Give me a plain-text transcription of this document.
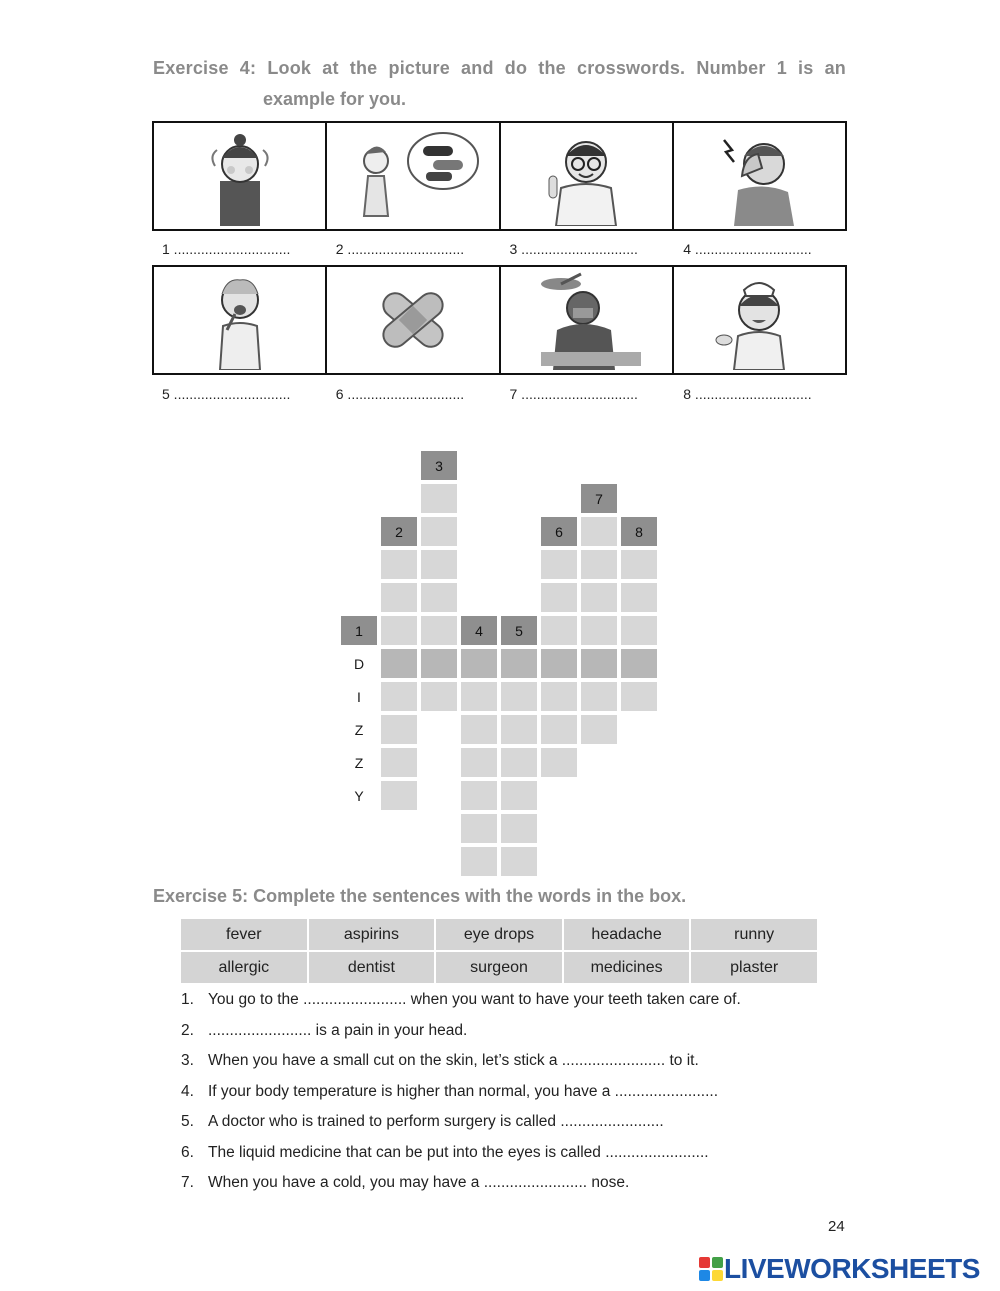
Exercise 4: Look at the picture and do the crosswords. Number 1 is an
example for you.
1 ..............................	2 ..............................	3 ..............................	4 ..............................
5 ..............................	6 ..............................	7 ..............................	8 ..............................
3
7
2	6	8
1	4	5
D
I
Z
Z
Y
Exercise 5: Complete the sentences with the words in the box.
fever	aspirins	eye drops	headache	runny
allergic	dentist	surgeon	medicines	plaster
1. You go to the ........................ when you want to have your teeth taken care of.
2. ........................ is a pain in your head.
3. When you have a small cut on the skin, let’s stick a ........................ to it.
4. If your body temperature is higher than normal, you have a ........................
5. A doctor who is trained to perform surgery is called ........................
6. The liquid medicine that can be put into the eyes is called ........................
7. When you have a cold, you may have a ........................ nose.
24
LIVEWORKSHEETS
